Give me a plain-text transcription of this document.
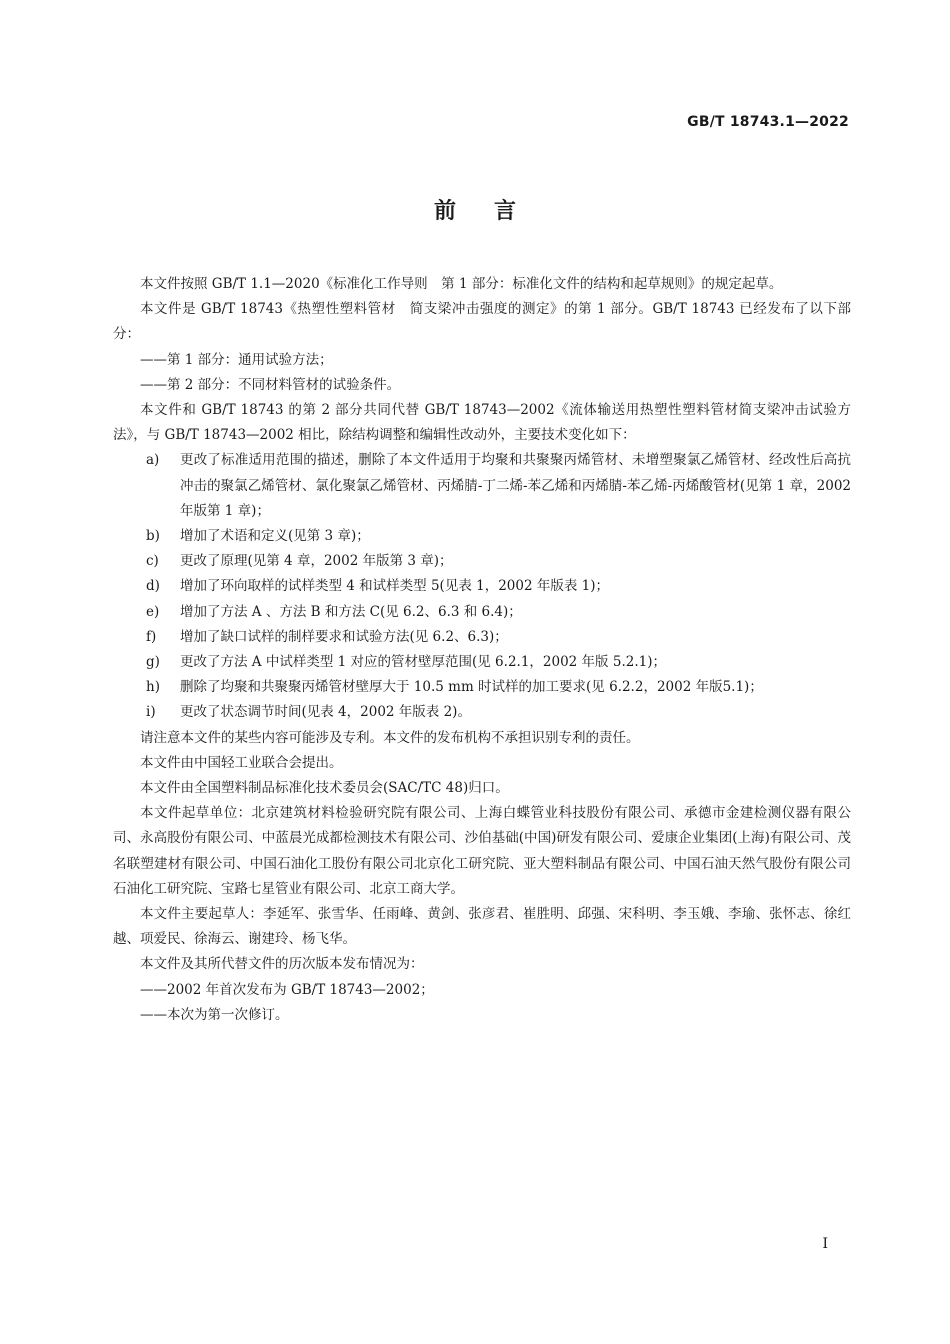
GB/T 18743.1—2022
前言

本文件按照 GB/T 1.1—2020《标准化工作导则　第 1 部分：标准化文件的结构和起草规则》的规定起草。

本文件是 GB/T 18743《热塑性塑料管材　简支梁冲击强度的测定》的第 1 部分。GB/T 18743 已经发布了以下部分：

——第 1 部分：通用试验方法；

——第 2 部分：不同材料管材的试验条件。

本文件和 GB/T 18743 的第 2 部分共同代替 GB/T 18743—2002《流体输送用热塑性塑料管材简支梁冲击试验方法》，与 GB/T 18743—2002 相比，除结构调整和编辑性改动外，主要技术变化如下：

a)	更改了标准适用范围的描述，删除了本文件适用于均聚和共聚聚丙烯管材、未增塑聚氯乙烯管材、经改性后高抗冲击的聚氯乙烯管材、氯化聚氯乙烯管材、丙烯腈-丁二烯-苯乙烯和丙烯腈-苯乙烯-丙烯酸管材(见第 1 章，2002 年版第 1 章)；
b)	增加了术语和定义(见第 3 章)；
c)	更改了原理(见第 4 章，2002 年版第 3 章)；
d)	增加了环向取样的试样类型 4 和试样类型 5(见表 1，2002 年版表 1)；
e)	增加了方法 A 、方法 B 和方法 C(见 6.2、6.3 和 6.4)；
f)	增加了缺口试样的制样要求和试验方法(见 6.2、6.3)；
g)	更改了方法 A 中试样类型 1 对应的管材壁厚范围(见 6.2.1，2002 年版 5.2.1)；
h)	删除了均聚和共聚聚丙烯管材壁厚大于 10.5 mm 时试样的加工要求(见 6.2.2，2002 年版5.1)；
i)	更改了状态调节时间(见表 4，2002 年版表 2)。

请注意本文件的某些内容可能涉及专利。本文件的发布机构不承担识别专利的责任。

本文件由中国轻工业联合会提出。

本文件由全国塑料制品标准化技术委员会(SAC/TC 48)归口。

本文件起草单位：北京建筑材料检验研究院有限公司、上海白蝶管业科技股份有限公司、承德市金建检测仪器有限公司、永高股份有限公司、中蓝晨光成都检测技术有限公司、沙伯基础(中国)研发有限公司、爱康企业集团(上海)有限公司、茂名联塑建材有限公司、中国石油化工股份有限公司北京化工研究院、亚大塑料制品有限公司、中国石油天然气股份有限公司石油化工研究院、宝路七星管业有限公司、北京工商大学。

本文件主要起草人：李延军、张雪华、任雨峰、黄剑、张彦君、崔胜明、邱强、宋科明、李玉娥、李瑜、张怀志、徐红越、项爱民、徐海云、谢建玲、杨飞华。

本文件及其所代替文件的历次版本发布情况为：

——2002 年首次发布为 GB/T 18743—2002；

——本次为第一次修订。

I
